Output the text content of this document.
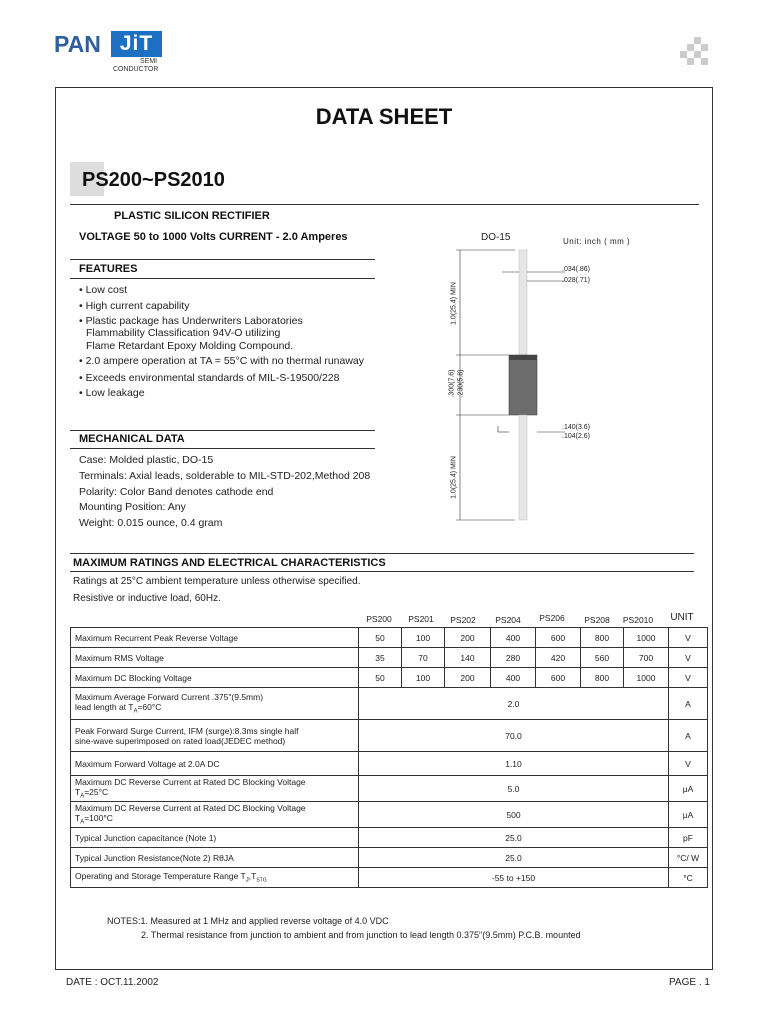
PAN JiT
SEMI
CONDUCTOR
DATA SHEET
PS200~PS2010
PLASTIC SILICON RECTIFIER
VOLTAGE 50 to 1000 Volts CURRENT - 2.0 Amperes	DO-15	Unit: inch ( mm )
.034(.86)
.028(.71)
.140(3.6)
.104(2.6)
1.0(25.4) MIN
.300(7.6) .230(5.8)
1.0(25.4) MIN
FEATURES
• Low cost
• High current capability
• Plastic package has Underwriters Laboratories
Flammability Classification 94V-O utilizing
Flame Retardant Epoxy Molding Compound.
• 2.0 ampere operation at TA = 55°C with no thermal runaway
• Exceeds environmental standards of MIL-S-19500/228
• Low leakage
MECHANICAL DATA
Case: Molded plastic, DO-15
Terminals: Axial leads, solderable to MIL-STD-202,Method 208
Polarity: Color Band denotes cathode end
Mounting Position: Any
Weight: 0.015 ounce, 0.4 gram
MAXIMUM RATINGS AND ELECTRICAL CHARACTERISTICS
Ratings at 25°C ambient temperature unless otherwise specified.
Resistive or inductive load, 60Hz.
PS200	PS201	PS202	PS204	PS206	PS208	PS2010	UNIT
Maximum Recurrent Peak Reverse Voltage	50	100	200	400	600	800	1000	V
Maximum RMS Voltage	35	70	140	280	420	560	700	V
Maximum DC Blocking Voltage	50	100	200	400	600	800	1000	V

Maximum Average Forward Current .375"(9.5mm)
lead length at $T_A=60^\circ C$	2.0							A

Peak Forward Surge Current, IFM (surge):8.3ms single half
sine-wave superimposed on rated load(JEDEC method)	70.0							A
Maximum Forward Voltage at 2.0A DC	1.10							V

Maximum DC Reverse Current at Rated DC Blocking Voltage
$T_A=25^\circ C$	5.0							μA

Maximum DC Reverse Current at Rated DC Blocking Voltage
$T_A=100^\circ C$	500							μA
Typical Junction capacitance (Note 1)	25.0							pF
Typical Junction Resistance(Note 2) RθJA	25.0							°C/ W
Operating and Storage Temperature Range $T_J,T_{STG}$	-55 to +150							°C
NOTES:1. Measured at 1 MHz and applied reverse voltage of 4.0 VDC
2. Thermal resistance from junction to ambient and from junction to lead length 0.375"(9.5mm) P.C.B. mounted
DATE : OCT.11.2002	PAGE . 1
